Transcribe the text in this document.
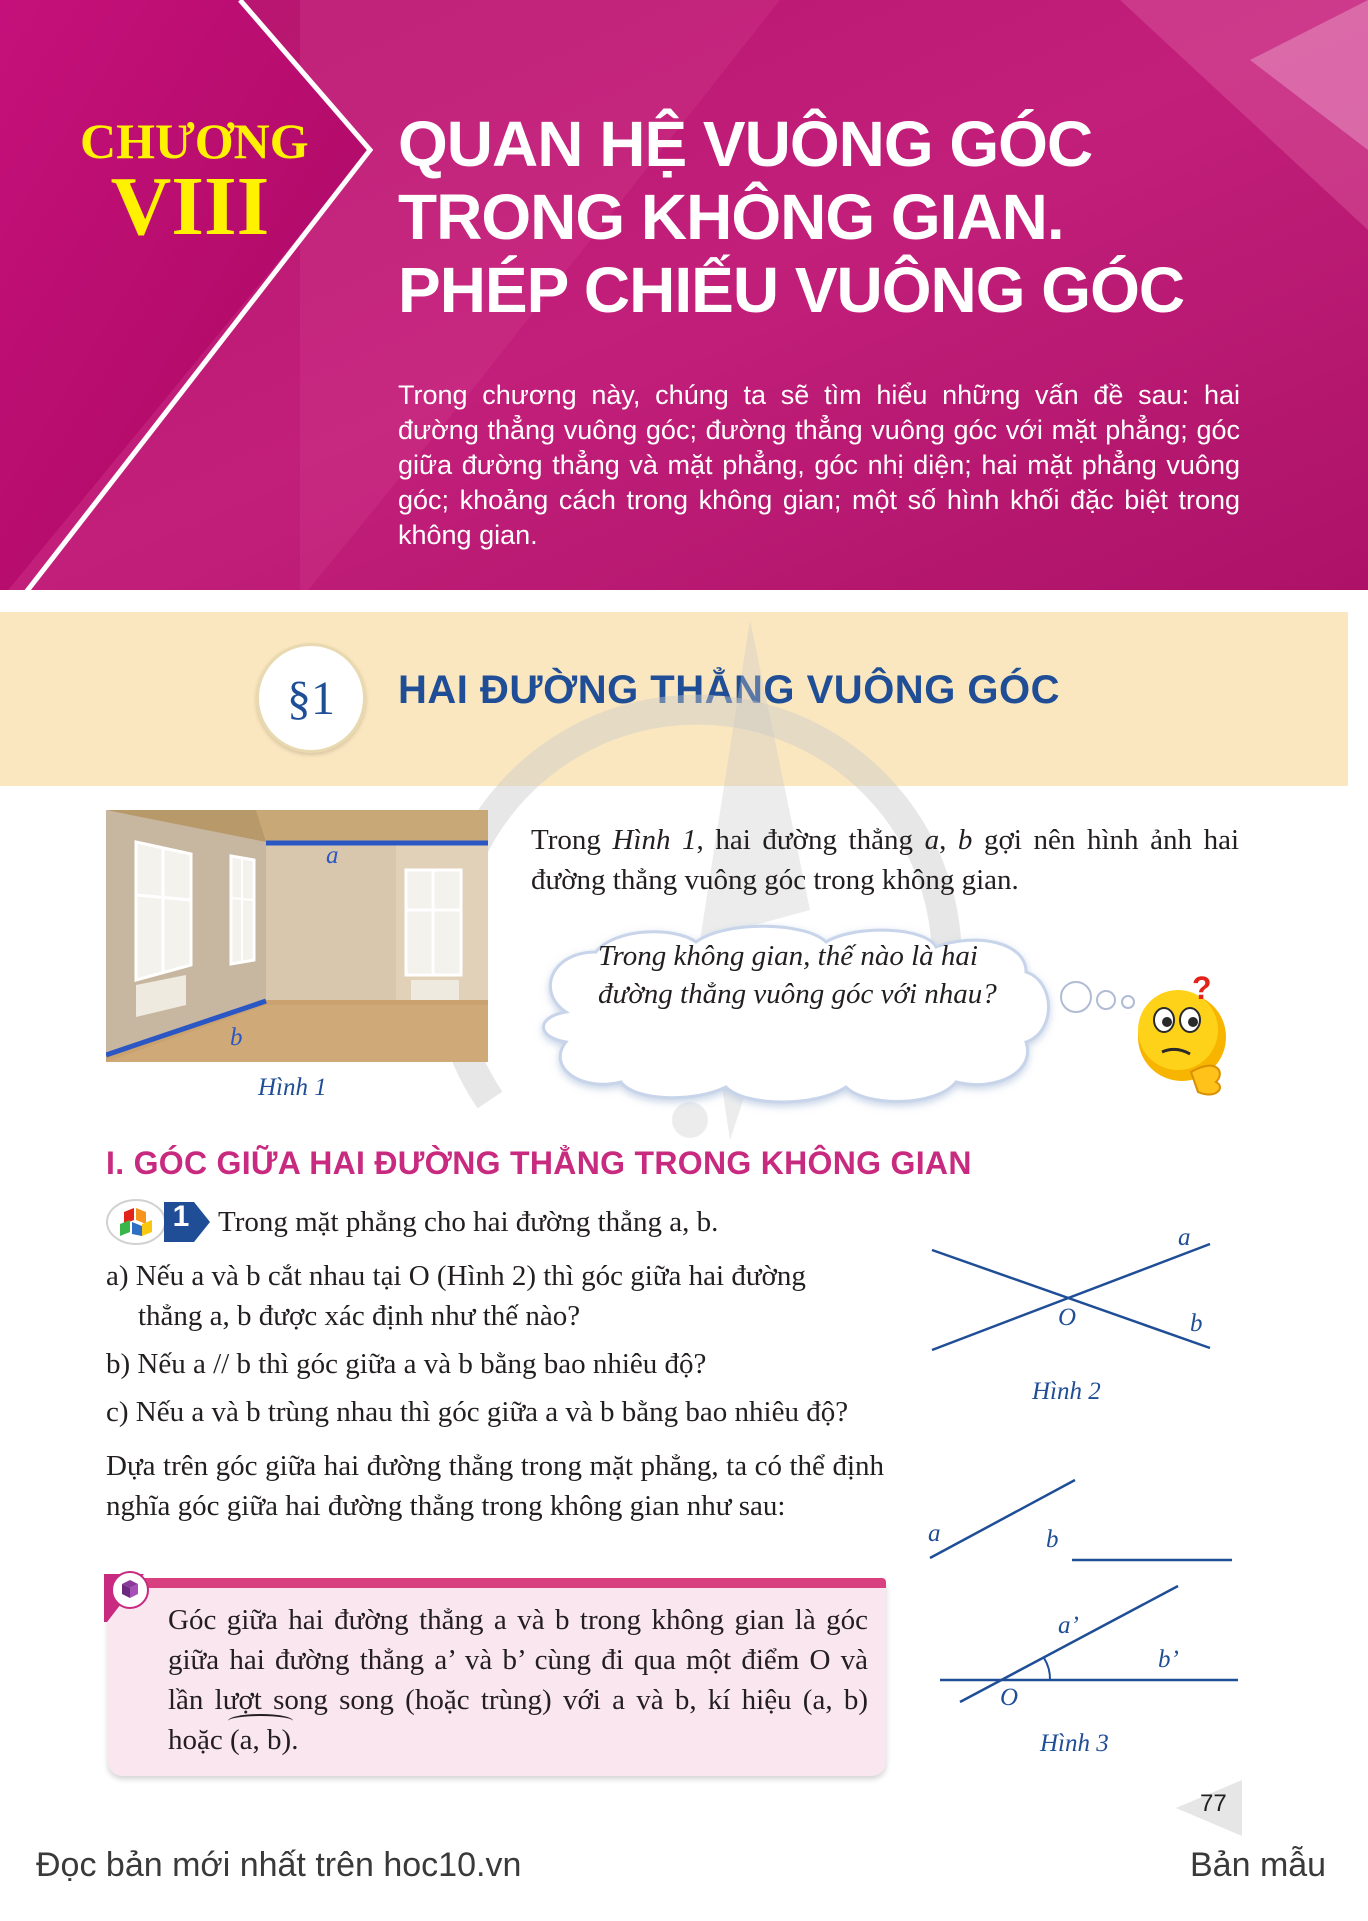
CHƯƠNG
VIII
QUAN HỆ VUÔNG GÓC
TRONG KHÔNG GIAN.
PHÉP CHIẾU VUÔNG GÓC
Trong chương này, chúng ta sẽ tìm hiểu những vấn đề sau: hai đường thẳng vuông góc; đường thẳng vuông góc với mặt phẳng; góc giữa đường thẳng và mặt phẳng, góc nhị diện; hai mặt phẳng vuông góc; khoảng cách trong không gian; một số hình khối đặc biệt trong không gian.
§1	HAI ĐƯỜNG THẲNG VUÔNG GÓC
a
b
Hình 1
Trong Hình 1, hai đường thẳng a, b gợi nên hình ảnh hai đường thẳng vuông góc trong không gian.
Trong không gian, thế nào là hai đường thẳng vuông góc với nhau?	?
I. GÓC GIỮA HAI ĐƯỜNG THẲNG TRONG KHÔNG GIAN
1 Trong mặt phẳng cho hai đường thẳng a, b.
a) Nếu a và b cắt nhau tại O (Hình 2) thì góc giữa hai đường
thẳng a, b được xác định như thế nào?
b) Nếu a // b thì góc giữa a và b bằng bao nhiêu độ?
c) Nếu a và b trùng nhau thì góc giữa a và b bằng bao nhiêu độ?
Dựa trên góc giữa hai đường thẳng trong mặt phẳng, ta có thể định nghĩa góc giữa hai đường thẳng trong không gian như sau:
Góc giữa hai đường thẳng a và b trong không gian là góc giữa hai đường thẳng a’ và b’ cùng đi qua một điểm O và lần lượt song song (hoặc trùng) với a và b, kí hiệu (a, b) hoặc (a, b).
a
b
O
Hình 2
a	b
a’
b’
O
Hình 3
77
Đọc bản mới nhất trên hoc10.vn	Bản mẫu
